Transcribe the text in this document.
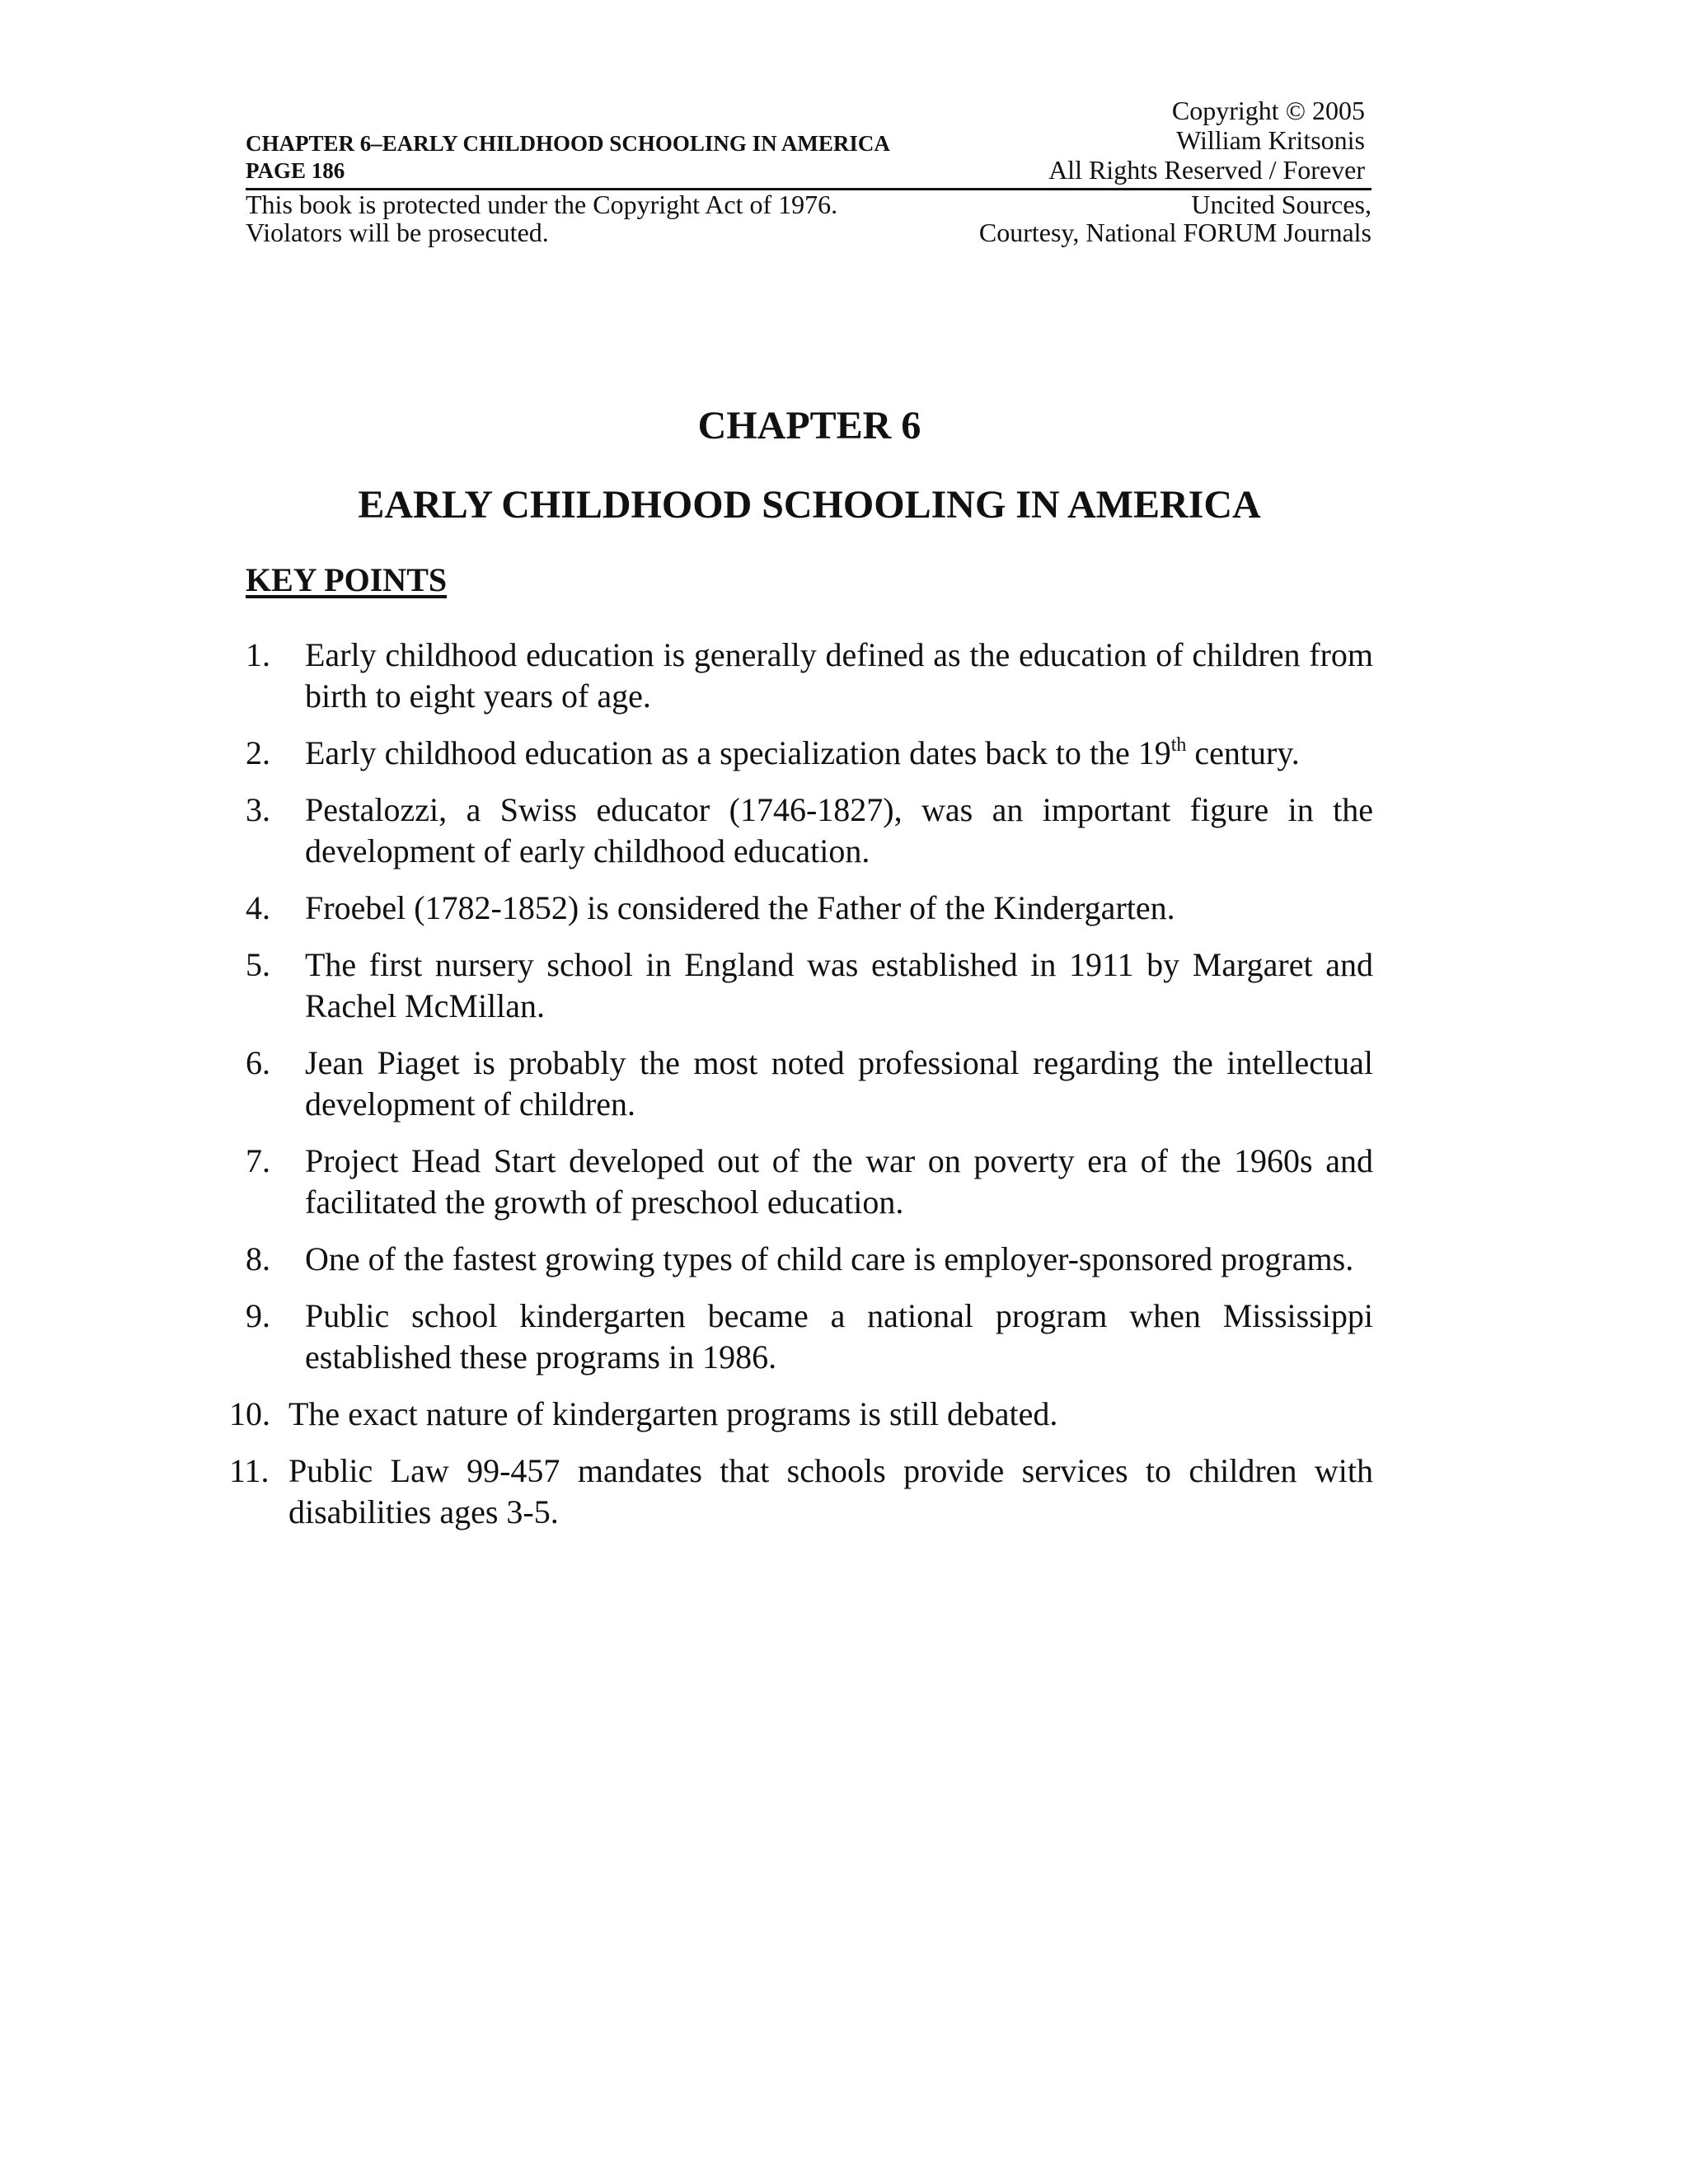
CHAPTER 6–EARLY CHILDHOOD SCHOOLING IN AMERICA
PAGE 186
Copyright © 2005
William Kritsonis
All Rights Reserved / Forever
This book is protected under the Copyright Act of 1976.
Violators will be prosecuted.
Uncited Sources,
Courtesy, National FORUM Journals
CHAPTER 6
EARLY CHILDHOOD SCHOOLING IN AMERICA
KEY POINTS
1. Early childhood education is generally defined as the education of children from birth to eight years of age.
2. Early childhood education as a specialization dates back to the 19th century.
3. Pestalozzi, a Swiss educator (1746-1827), was an important figure in the development of early childhood education.
4. Froebel (1782-1852) is considered the Father of the Kindergarten.
5. The first nursery school in England was established in 1911 by Margaret and Rachel McMillan.
6. Jean Piaget is probably the most noted professional regarding the intellectual development of children.
7. Project Head Start developed out of the war on poverty era of the 1960s and facilitated the growth of preschool education.
8. One of the fastest growing types of child care is employer-sponsored programs.
9. Public school kindergarten became a national program when Mississippi established these programs in 1986.
10. The exact nature of kindergarten programs is still debated.
11. Public Law 99-457 mandates that schools provide services to children with disabilities ages 3-5.
